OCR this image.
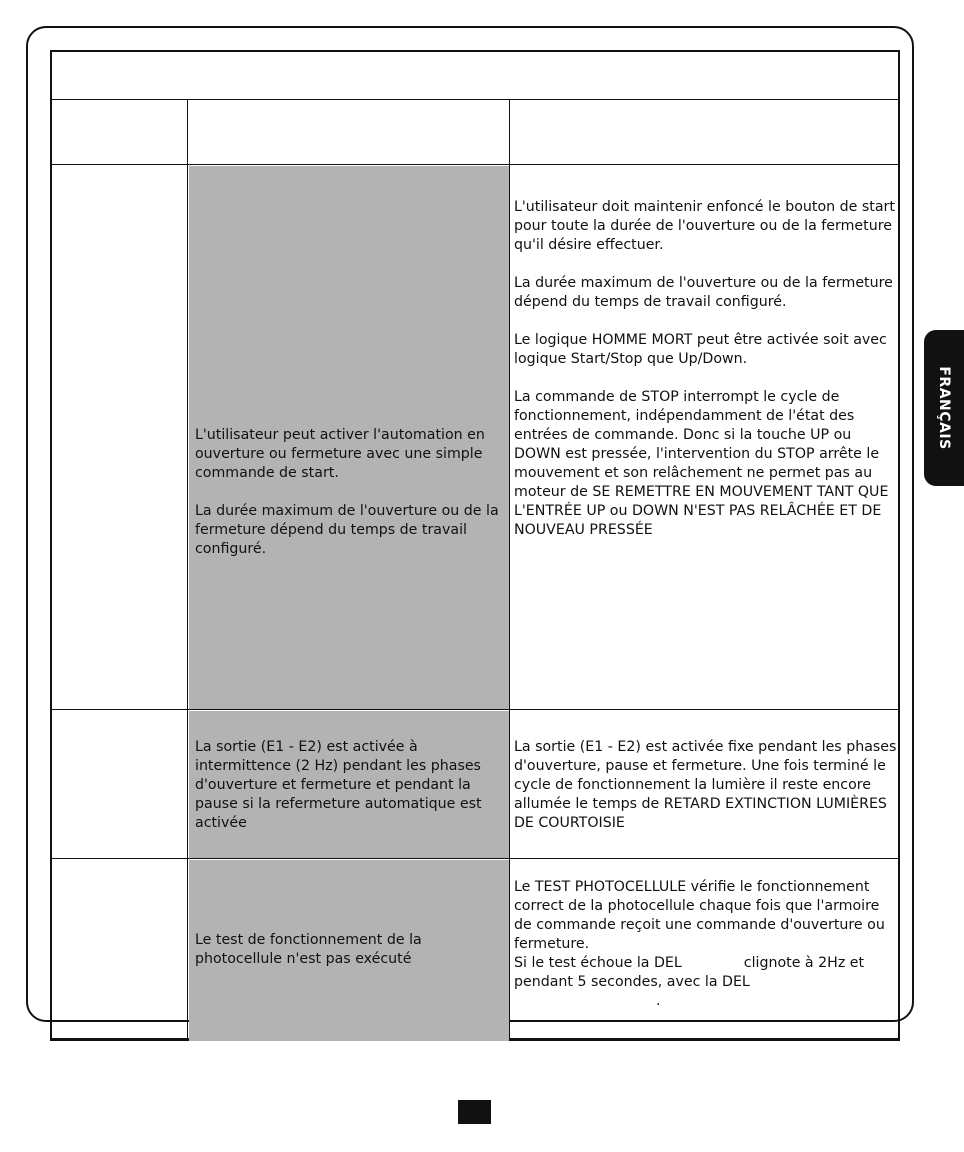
L'utilisateur peut activer l'automation en ouverture ou fermeture avec une simple commande de start.

La durée maximum de l'ouverture ou de la fermeture dépend du temps de travail configuré.

L'utilisateur doit maintenir enfoncé le bouton de start pour toute la durée de l'ouverture ou de la fermeture qu'il désire effectuer.

La durée maximum de l'ouverture ou de la fermeture dépend du temps de travail configuré.

Le logique HOMME MORT peut être activée soit avec logique Start/Stop que Up/Down.

La commande de STOP interrompt le cycle de fonctionnement, indépendamment de l'état des entrées de commande. Donc si la touche UP ou DOWN est pressée, l'intervention du STOP arrête le mouvement et son relâchement ne permet pas au moteur de SE REMETTRE EN MOUVEMENT TANT QUE L'ENTRÉE UP ou DOWN N'EST PAS RELÂCHÉE ET DE NOUVEAU PRESSÉE

La sortie (E1 - E2) est activée à intermittence (2 Hz) pendant les phases d'ouverture et fermeture et pendant la pause si la refermeture automatique est activée

La sortie (E1 - E2) est activée fixe pendant les phases d'ouverture, pause et fermeture. Une fois terminé le cycle de fonctionnement la lumière il reste encore allumée le temps de RETARD EXTINCTION LUMIÈRES DE COURTOISIE

Le test de fonctionnement de la photocellule n'est pas exécuté

Le TEST PHOTOCELLULE vérifie le fonctionnement correct de la photocellule chaque fois que l'armoire de commande reçoit une commande d'ouverture ou fermeture.

Si le test échoue la DEL	clignote à 2Hz et pendant 5 secondes, avec la DEL

.

FRANÇAIS
